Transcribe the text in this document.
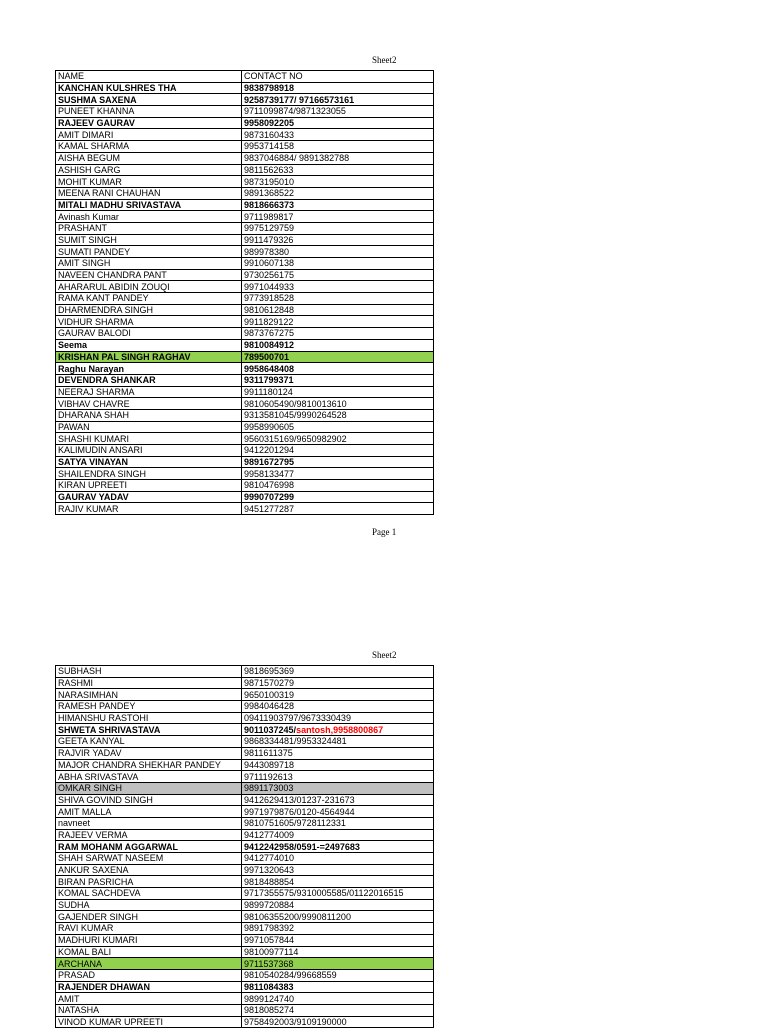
Sheet2
NAME	CONTACT NO
KANCHAN KULSHRES THA	9838798918
SUSHMA SAXENA	9258739177/ 97166573161
PUNEET KHANNA	9711099874/9871323055
RAJEEV GAURAV	9958092205
AMIT DIMARI	9873160433
KAMAL SHARMA	9953714158
AISHA BEGUM	9837046884/ 9891382788
ASHISH GARG	9811562633
MOHIT KUMAR	9873195010
MEENA RANI CHAUHAN	9891368522
MITALI MADHU SRIVASTAVA	9818666373
Avinash Kumar	9711989817
PRASHANT	9975129759
SUMIT SINGH	9911479326
SUMATI PANDEY	989978380
AMIT SINGH	9910607138
NAVEEN CHANDRA PANT	9730256175
AHARARUL ABIDIN ZOUQI	9971044933
RAMA KANT PANDEY	9773918528
DHARMENDRA SINGH	9810612848
VIDHUR SHARMA	9911829122
GAURAV BALODI	9873767275
Seema	9810084912
KRISHAN PAL SINGH RAGHAV	789500701
Raghu Narayan	9958648408
DEVENDRA SHANKAR	9311799371
NEERAJ SHARMA	9911180124
VIBHAV CHAVRE	9810605490/9810013610
DHARANA SHAH	9313581045/9990264528
PAWAN	9958990605
SHASHI KUMARI	9560315169/9650982902
KALIMUDIN ANSARI	9412201294
SATYA VINAYAN	9891672795
SHAILENDRA SINGH	9958133477
KIRAN UPREETI	9810476998
GAURAV YADAV	9990707299
RAJIV KUMAR	9451277287
Page 1
Sheet2
SUBHASH	9818695369
RASHMI	9871570279
NARASIMHAN	9650100319
RAMESH PANDEY	9984046428
HIMANSHU RASTOHI	09411903797/9673330439
SHWETA SHRIVASTAVA	9011037245/santosh,9958800867
GEETA KANYAL	9868334481/9953324481
RAJVIR YADAV	9811611375
MAJOR CHANDRA SHEKHAR PANDEY	9443089718
ABHA SRIVASTAVA	9711192613
OMKAR SINGH	9891173003
SHIVA GOVIND SINGH	9412629413/01237-231673
AMIT MALLA	9971979876/0120-4564944
navneet	9810751605/9728112331
RAJEEV VERMA	9412774009
RAM MOHANM AGGARWAL	9412242958/0591-=2497683
SHAH SARWAT NASEEM	9412774010
ANKUR SAXENA	9971320643
BIRAN PASRICHA	9818488854
KOMAL SACHDEVA	9717355575/9310005585/01122016515
SUDHA	9899720884
GAJENDER SINGH	98106355200/9990811200
RAVI KUMAR	9891798392
MADHURI KUMARI	9971057844
KOMAL BALI	98100977114
ARCHANA	9711537368
PRASAD	9810540284/99668559
RAJENDER DHAWAN	9811084383
AMIT	9899124740
NATASHA	9818085274
VINOD KUMAR UPREETI	9758492003/9109190000
